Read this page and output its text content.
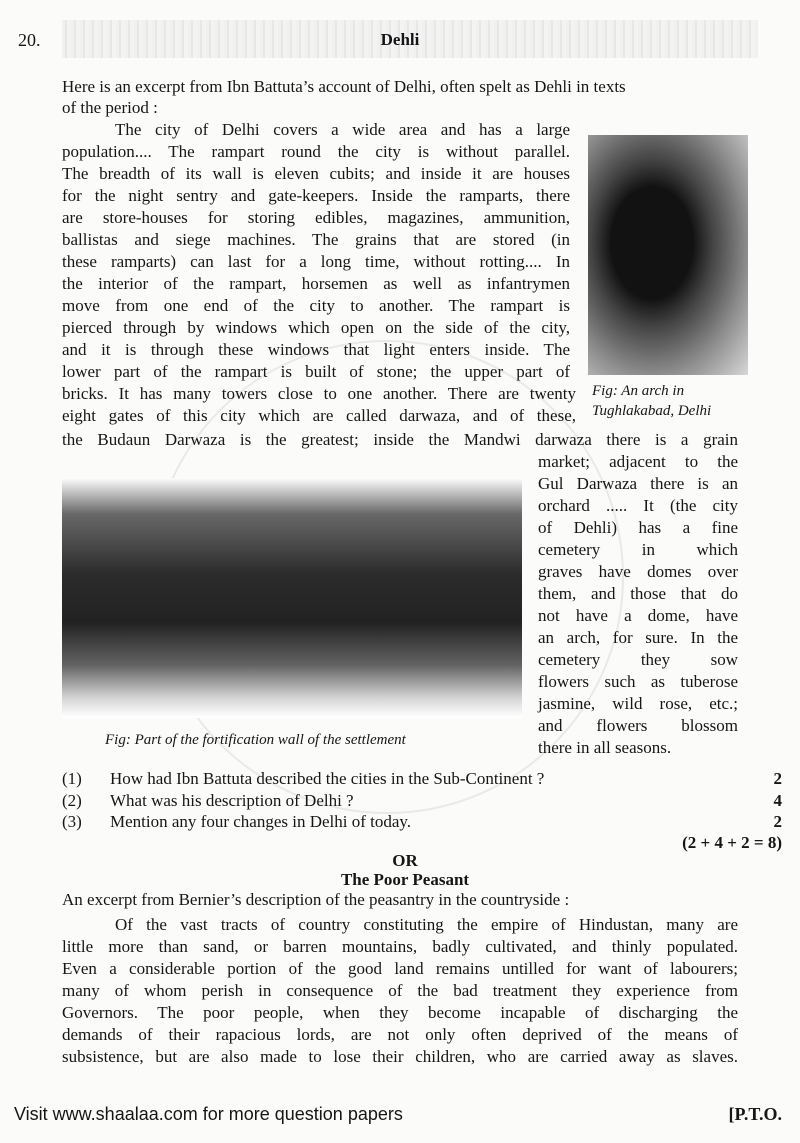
20.	Dehli
Here is an excerpt from Ibn Battuta’s account of Delhi, often spelt as Dehli in texts
of the period :
The city of Delhi covers a wide area and has a large
population.... The rampart round the city is without parallel.
The breadth of its wall is eleven cubits; and inside it are houses
for the night sentry and gate-keepers. Inside the ramparts, there
are store-houses for storing edibles, magazines, ammunition,
ballistas and siege machines. The grains that are stored (in
these ramparts) can last for a long time, without rotting.... In
the interior of the rampart, horsemen as well as infantrymen
move from one end of the city to another. The rampart is
pierced through by windows which open on the side of the city,
and it is through these windows that light enters inside. The
lower part of the rampart is built of stone; the upper part of
bricks. It has many towers close to one another. There are twenty
eight gates of this city which are called darwaza, and of these,
the Budaun Darwaza is the greatest; inside the Mandwi darwaza there is a grain
market; adjacent to the
Gul Darwaza there is an
orchard ..... It (the city
of Dehli) has a fine
cemetery in which
graves have domes over
them, and those that do
not have a dome, have
an arch, for sure. In the
cemetery they sow
flowers such as tuberose
jasmine, wild rose, etc.;
and flowers blossom
there in all seasons.
Fig: An arch in
Tughlakabad, Delhi
Fig: Part of the fortification wall of the settlement
(1) How had Ibn Battuta described the cities in the Sub-Continent ?	2
(2) What was his description of Delhi ?	4
(3) Mention any four changes in Delhi of today.	2
(2 + 4 + 2 = 8)
OR
The Poor Peasant
An excerpt from Bernier’s description of the peasantry in the countryside :
Of the vast tracts of country constituting the empire of Hindustan, many are
little more than sand, or barren mountains, badly cultivated, and thinly populated.
Even a considerable portion of the good land remains untilled for want of labourers;
many of whom perish in consequence of the bad treatment they experience from
Governors. The poor people, when they become incapable of discharging the
demands of their rapacious lords, are not only often deprived of the means of
subsistence, but are also made to lose their children, who are carried away as slaves.
Visit www.shaalaa.com for more question papers	[P.T.O.
